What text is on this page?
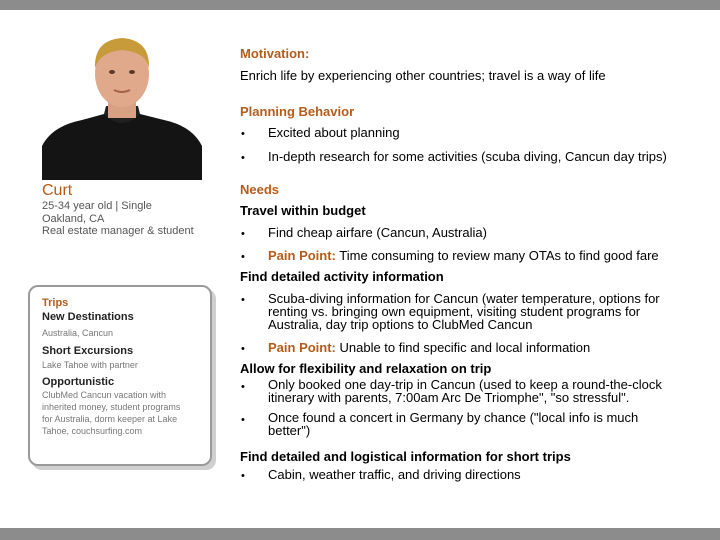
Curt
25-34 year old | Single
Oakland, CA
Real estate manager & student
Trips
New Destinations
Australia, Cancun
Short Excursions
Lake Tahoe with partner
Opportunistic
ClubMed Cancun vacation with
inherited money, student programs
for Australia, dorm keeper at Lake
Tahoe, couchsurfing.com
Motivation:
Enrich life by experiencing other countries; travel is a way of life
Planning Behavior
• Excited about planning
• In-depth research for some activities (scuba diving, Cancun day trips)
Needs
Travel within budget
• Find cheap airfare (Cancun, Australia)
• Pain Point: Time consuming to review many OTAs to find good fare
Find detailed activity information
• Scuba-diving information for Cancun (water temperature, options for
renting vs. bringing own equipment, visiting student programs for
Australia, day trip options to ClubMed Cancun
• Pain Point: Unable to find specific and local information
Allow for flexibility and relaxation on trip
• Only booked one day-trip in Cancun (used to keep a round-the-clock
itinerary with parents, 7:00am Arc De Triomphe", "so stressful".
• Once found a concert in Germany by chance ("local info is much
better")
Find detailed and logistical information for short trips
• Cabin, weather traffic, and driving directions
